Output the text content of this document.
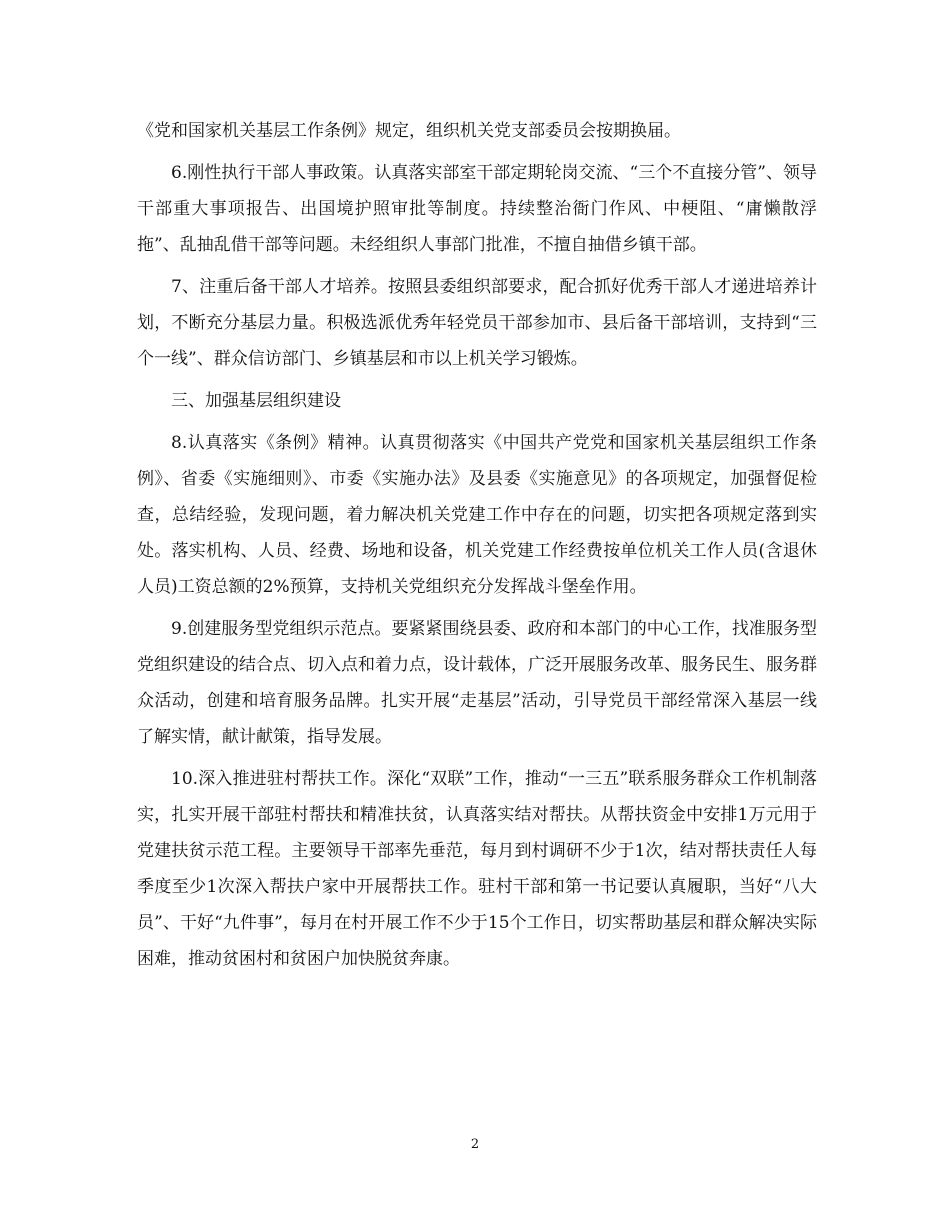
《党和国家机关基层工作条例》规定，组织机关党支部委员会按期换届。

6.刚性执行干部人事政策。认真落实部室干部定期轮岗交流、“三个不直接分管”、领导干部重大事项报告、出国境护照审批等制度。持续整治衙门作风、中梗阻、“庸懒散浮拖”、乱抽乱借干部等问题。未经组织人事部门批准，不擅自抽借乡镇干部。

7、注重后备干部人才培养。按照县委组织部要求，配合抓好优秀干部人才递进培养计划，不断充分基层力量。积极选派优秀年轻党员干部参加市、县后备干部培训，支持到“三个一线”、群众信访部门、乡镇基层和市以上机关学习锻炼。

三、加强基层组织建设

8.认真落实《条例》精神。认真贯彻落实《中国共产党党和国家机关基层组织工作条例》、省委《实施细则》、市委《实施办法》及县委《实施意见》的各项规定，加强督促检查，总结经验，发现问题，着力解决机关党建工作中存在的问题，切实把各项规定落到实处。落实机构、人员、经费、场地和设备，机关党建工作经费按单位机关工作人员(含退休人员)工资总额的2%预算，支持机关党组织充分发挥战斗堡垒作用。

9.创建服务型党组织示范点。要紧紧围绕县委、政府和本部门的中心工作，找准服务型党组织建设的结合点、切入点和着力点，设计载体，广泛开展服务改革、服务民生、服务群众活动，创建和培育服务品牌。扎实开展“走基层”活动，引导党员干部经常深入基层一线了解实情，献计献策，指导发展。

10.深入推进驻村帮扶工作。深化“双联”工作，推动“一三五”联系服务群众工作机制落实，扎实开展干部驻村帮扶和精准扶贫，认真落实结对帮扶。从帮扶资金中安排1万元用于党建扶贫示范工程。主要领导干部率先垂范，每月到村调研不少于1次，结对帮扶责任人每季度至少1次深入帮扶户家中开展帮扶工作。驻村干部和第一书记要认真履职，当好“八大员”、干好“九件事”，每月在村开展工作不少于15个工作日，切实帮助基层和群众解决实际困难，推动贫困村和贫困户加快脱贫奔康。

2
